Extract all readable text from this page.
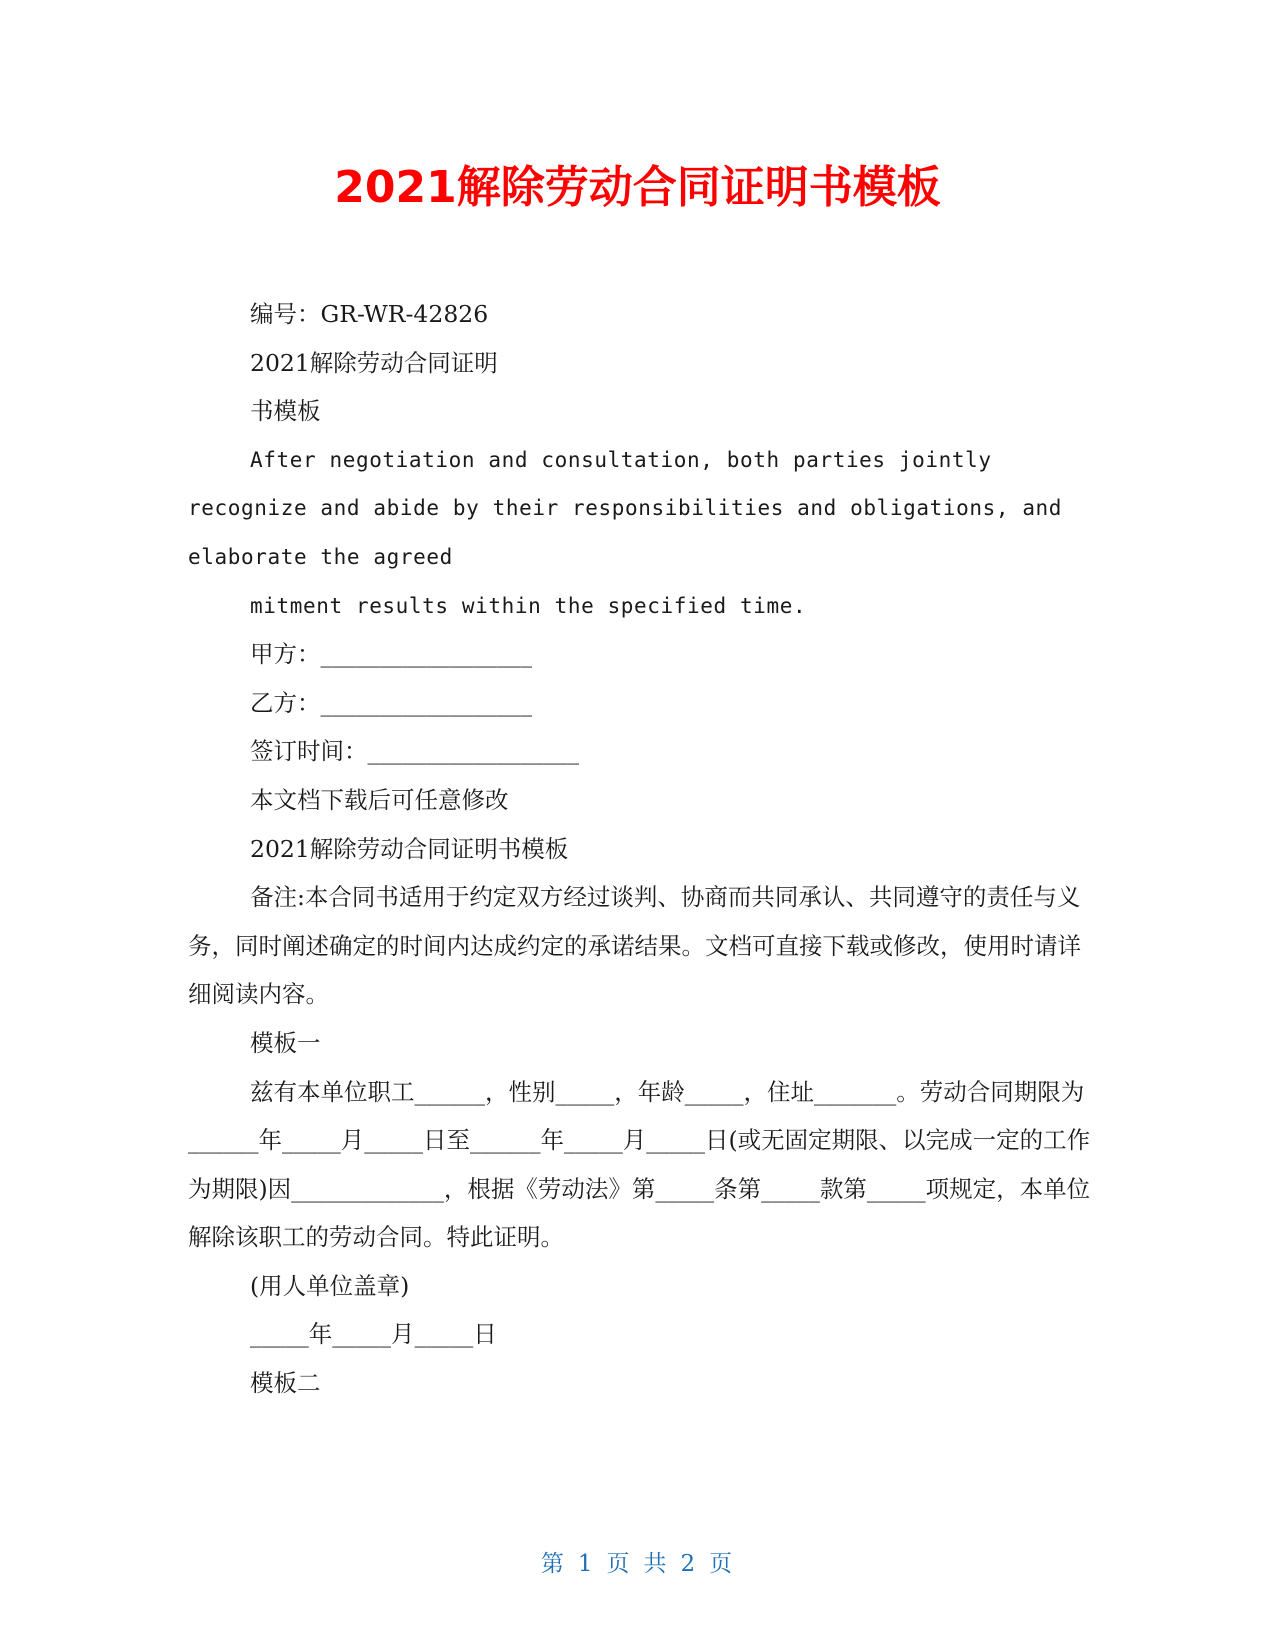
2021解除劳动合同证明书模板

编号：GR-WR-42826

2021解除劳动合同证明

书模板

After negotiation and consultation, both parties jointly recognize and abide by their responsibilities and obligations, and elaborate the agreed

mitment results within the specified time.

甲方：__________________

乙方：__________________

签订时间：__________________

本文档下载后可任意修改

2021解除劳动合同证明书模板

备注:本合同书适用于约定双方经过谈判、协商而共同承认、共同遵守的责任与义务，同时阐述确定的时间内达成约定的承诺结果。文档可直接下载或修改，使用时请详细阅读内容。

模板一

兹有本单位职工______，性别_____，年龄_____，住址_______。劳动合同期限为______年_____月_____日至______年_____月_____日(或无固定期限、以完成一定的工作为期限)因_____________，根据《劳动法》第_____条第_____款第_____项规定，本单位解除该职工的劳动合同。特此证明。

(用人单位盖章)

_____年_____月_____日

模板二

第 1 页 共 2 页
